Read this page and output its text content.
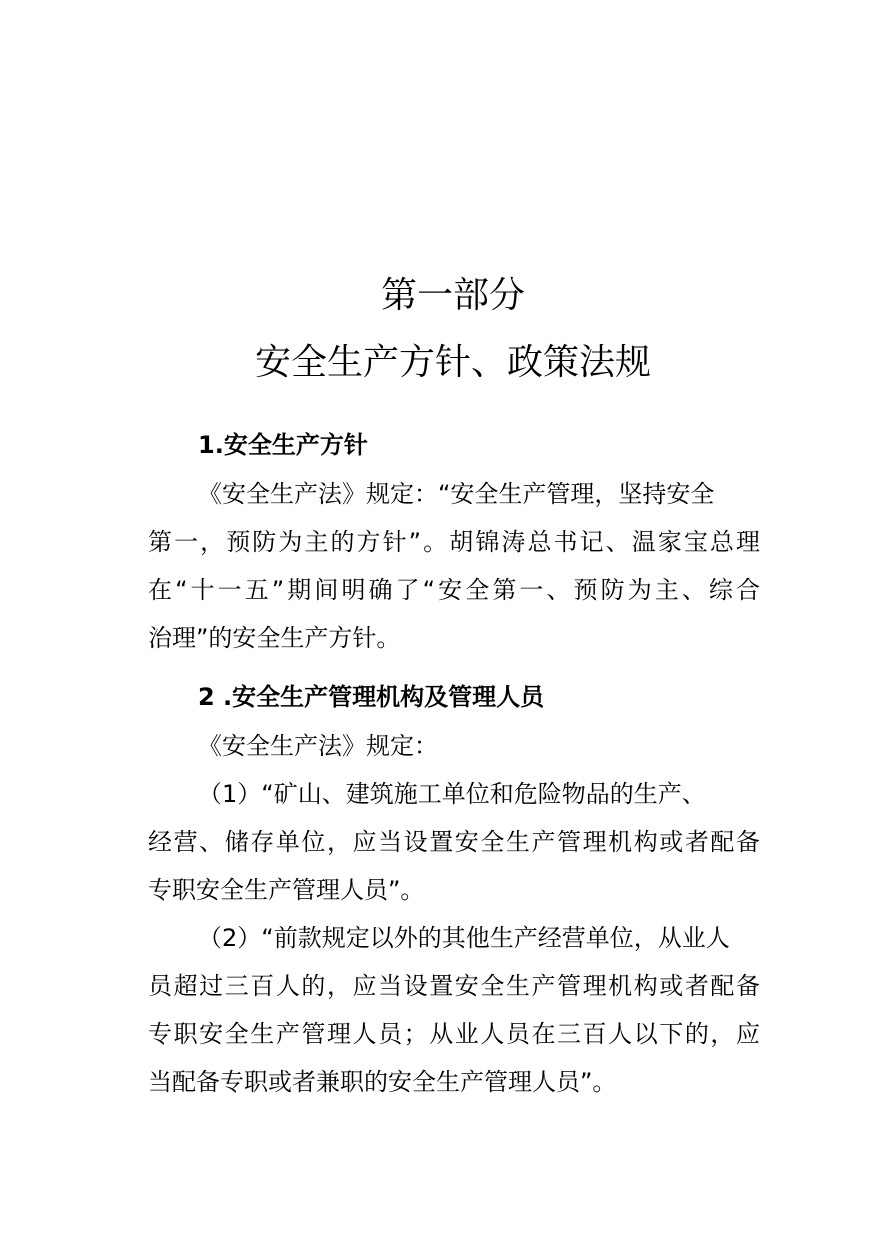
第一部分
安全生产方针、政策法规
1.安全生产方针

《安全生产法》规定：“安全生产管理，坚持安全

第一，预防为主的方针”。胡锦涛总书记、温家宝总理

在“十一五”期间明确了“安全第一、预防为主、综合

治理”的安全生产方针。

2 .安全生产管理机构及管理人员

《安全生产法》规定：

（1）“矿山、建筑施工单位和危险物品的生产、

经营、储存单位，应当设置安全生产管理机构或者配备

专职安全生产管理人员”。

（2）“前款规定以外的其他生产经营单位，从业人

员超过三百人的，应当设置安全生产管理机构或者配备

专职安全生产管理人员；从业人员在三百人以下的，应

当配备专职或者兼职的安全生产管理人员”。
